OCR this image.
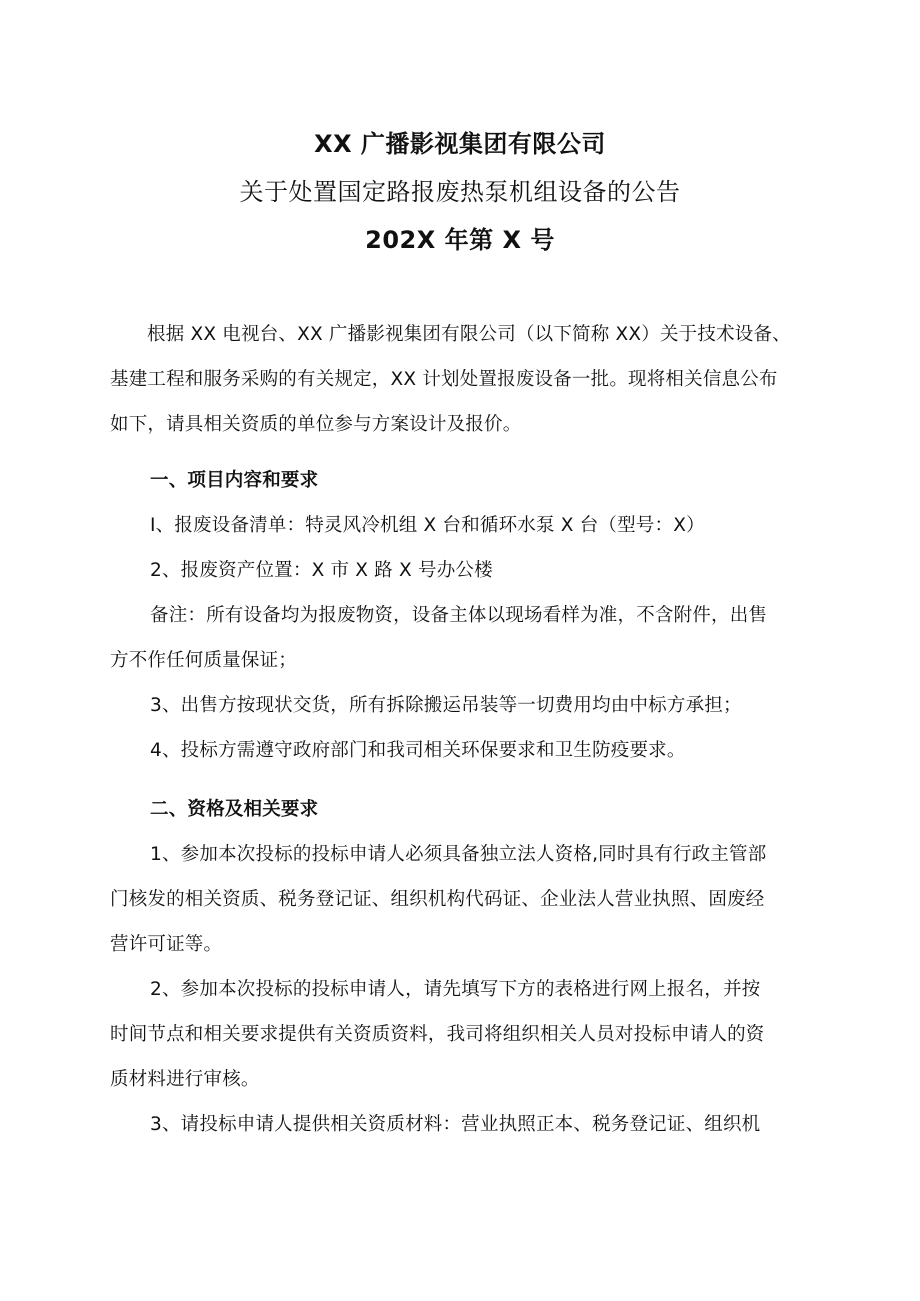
XX 广播影视集团有限公司
关于处置国定路报废热泵机组设备的公告
202X 年第 X 号
根据 XX 电视台、XX 广播影视集团有限公司（以下简称 XX）关于技术设备、
基建工程和服务采购的有关规定，XX 计划处置报废设备一批。现将相关信息公布
如下，请具相关资质的单位参与方案设计及报价。
一、项目内容和要求
I、报废设备清单：特灵风冷机组 X 台和循环水泵 X 台（型号：X）
2、报废资产位置：X 市 X 路 X 号办公楼
备注：所有设备均为报废物资，设备主体以现场看样为准，不含附件，出售
方不作任何质量保证；
3、出售方按现状交货，所有拆除搬运吊装等一切费用均由中标方承担；
4、投标方需遵守政府部门和我司相关环保要求和卫生防疫要求。
二、资格及相关要求
1、参加本次投标的投标申请人必须具备独立法人资格,同时具有行政主管部
门核发的相关资质、税务登记证、组织机构代码证、企业法人营业执照、固废经
营许可证等。
2、参加本次投标的投标申请人，请先填写下方的表格进行网上报名，并按
时间节点和相关要求提供有关资质资料，我司将组织相关人员对投标申请人的资
质材料进行审核。
3、请投标申请人提供相关资质材料：营业执照正本、税务登记证、组织机
